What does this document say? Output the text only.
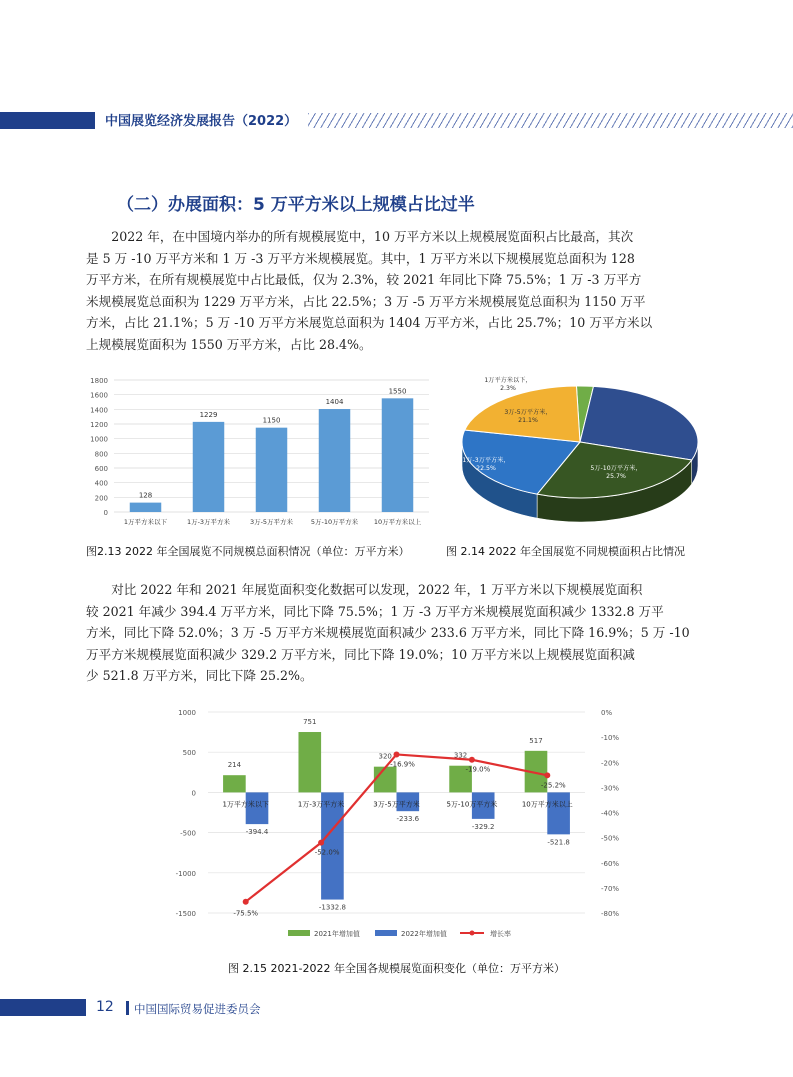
中国展览经济发展报告（2022）
（二）办展面积：5 万平方米以上规模占比过半
2022 年，在中国境内举办的所有规模展览中，10 万平方米以上规模展览面积占比最高，其次
是 5 万 -10 万平方米和 1 万 -3 万平方米规模展览。其中，1 万平方米以下规模展览总面积为 128
万平方米，在所有规模展览中占比最低，仅为 2.3%，较 2021 年同比下降 75.5%；1 万 -3 万平方
米规模展览总面积为 1229 万平方米，占比 22.5%；3 万 -5 万平方米规模展览总面积为 1150 万平
方米，占比 21.1%；5 万 -10 万平方米展览总面积为 1404 万平方米，占比 25.7%；10 万平方米以
上规模展览面积为 1550 万平方米，占比 28.4%。
0
200
400
600
800
1000
1200
1400
1600
1800
128
1万平方米以下
1229
1万-3万平方米
1150
3万-5万平方米
1404
5万-10万平方米
1550
10万平方米以上
1万平方米以下， 2.3%
10万平方米以上， 28.4%
5万-10万平方米， 25.7%
1万-3万平方米， 22.5%
3万-5万平方米， 21.1%
图2.13 2022 年全国展览不同规模总面积情况（单位：万平方米）	图 2.14 2022 年全国展览不同规模面积占比情况
对比 2022 年和 2021 年展览面积变化数据可以发现，2022 年，1 万平方米以下规模展览面积
较 2021 年减少 394.4 万平方米，同比下降 75.5%；1 万 -3 万平方米规模展览面积减少 1332.8 万平
方米，同比下降 52.0%；3 万 -5 万平方米规模展览面积减少 233.6 万平方米，同比下降 16.9%；5 万 -10
万平方米规模展览面积减少 329.2 万平方米，同比下降 19.0%；10 万平方米以上规模展览面积减
少 521.8 万平方米，同比下降 25.2%。
1000
500
0
-500
-1000
-1500
0%
-10%
-20%
-30%
-40%
-50%
-60%
-70%
-80%
214
-394.4
1万平方米以下
751
-1332.8
1万-3万平方米
320
-233.6
3万-5万平方米
332
-329.2
5万-10万平方米
517
-521.8
10万平方米以上
-75.5%
-52.0%
-16.9%
-19.0%
-25.2%
2021年增加值	2022年增加值	增长率
图 2.15 2021-2022 年全国各规模展览面积变化（单位：万平方米）
12 中国国际贸易促进委员会
